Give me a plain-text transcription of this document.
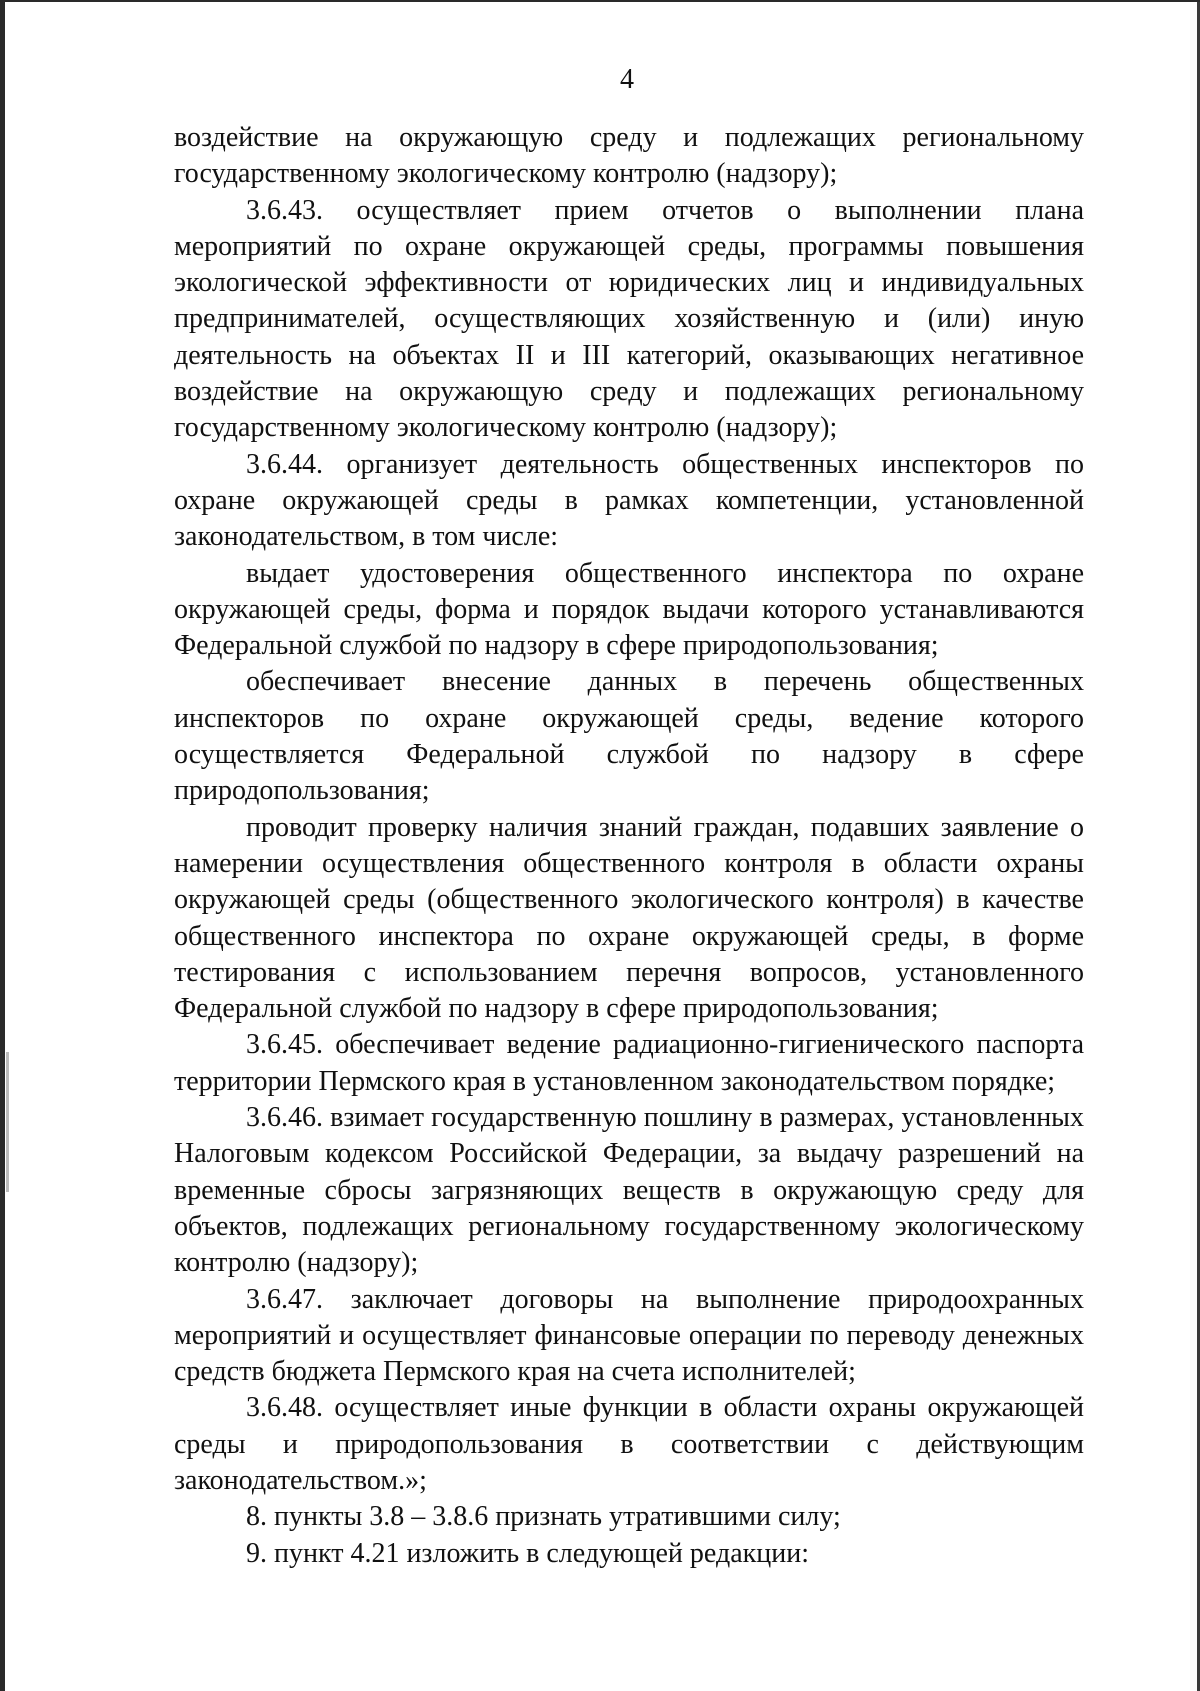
4

воздействие на окружающую среду и подлежащих региональному государственному экологическому контролю (надзору);

3.6.43. осуществляет прием отчетов о выполнении плана мероприятий по охране окружающей среды, программы повышения экологической эффективности от юридических лиц и индивидуальных предпринимателей, осуществляющих хозяйственную и (или) иную деятельность на объектах II и III категорий, оказывающих негативное воздействие на окружающую среду и подлежащих региональному государственному экологическому контролю (надзору);

3.6.44. организует деятельность общественных инспекторов по охране окружающей среды в рамках компетенции, установленной законодательством, в том числе:

выдает удостоверения общественного инспектора по охране окружающей среды, форма и порядок выдачи которого устанавливаются Федеральной службой по надзору в сфере природопользования;

обеспечивает внесение данных в перечень общественных инспекторов по охране окружающей среды, ведение которого осуществляется Федеральной службой по надзору в сфере природопользования;

проводит проверку наличия знаний граждан, подавших заявление о намерении осуществления общественного контроля в области охраны окружающей среды (общественного экологического контроля) в качестве общественного инспектора по охране окружающей среды, в форме тестирования с использованием перечня вопросов, установленного Федеральной службой по надзору в сфере природопользования;

3.6.45. обеспечивает ведение радиационно-гигиенического паспорта территории Пермского края в установленном законодательством порядке;

3.6.46. взимает государственную пошлину в размерах, установленных Налоговым кодексом Российской Федерации, за выдачу разрешений на временные сбросы загрязняющих веществ в окружающую среду для объектов, подлежащих региональному государственному экологическому контролю (надзору);

3.6.47. заключает договоры на выполнение природоохранных мероприятий и осуществляет финансовые операции по переводу денежных средств бюджета Пермского края на счета исполнителей;

3.6.48. осуществляет иные функции в области охраны окружающей среды и природопользования в соответствии с действующим законодательством.»;

8. пункты 3.8 – 3.8.6 признать утратившими силу;

9. пункт 4.21 изложить в следующей редакции:
